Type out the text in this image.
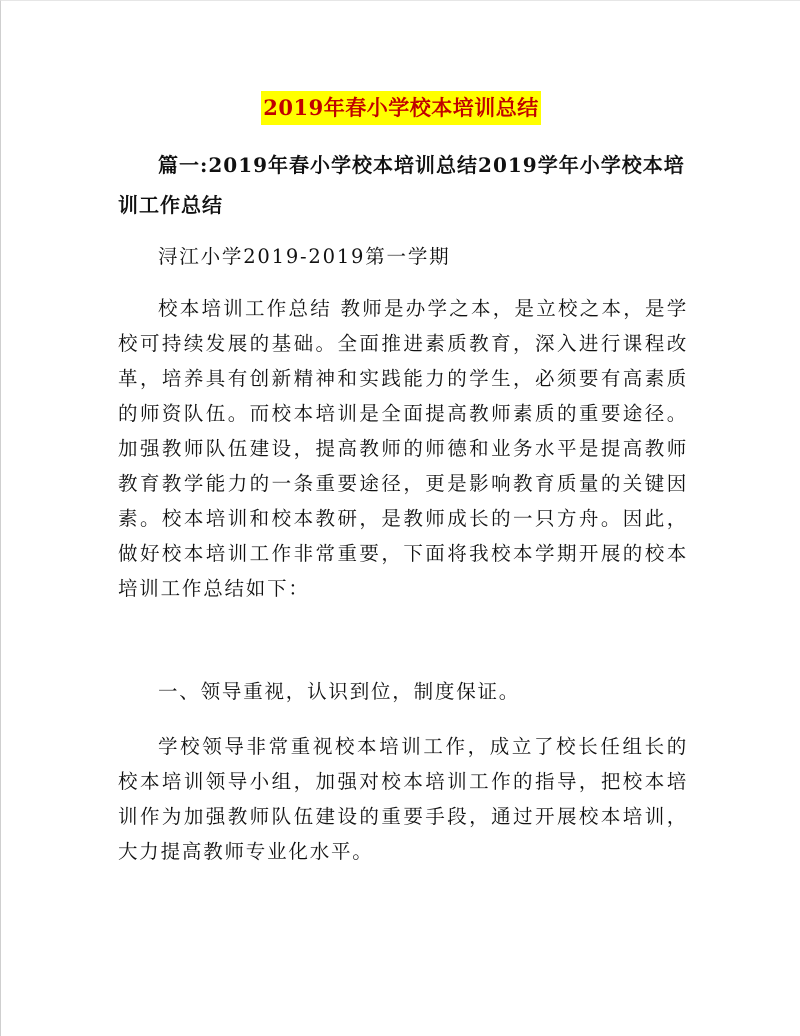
2019年春小学校本培训总结

篇一:2019年春小学校本培训总结2019学年小学校本培训工作总结

浔江小学2019-2019第一学期

校本培训工作总结 教师是办学之本，是立校之本，是学校可持续发展的基础。全面推进素质教育，深入进行课程改革，培养具有创新精神和实践能力的学生，必须要有高素质的师资队伍。而校本培训是全面提高教师素质的重要途径。加强教师队伍建设，提高教师的师德和业务水平是提高教师教育教学能力的一条重要途径，更是影响教育质量的关键因素。校本培训和校本教研，是教师成长的一只方舟。因此，做好校本培训工作非常重要，下面将我校本学期开展的校本培训工作总结如下：

一、领导重视，认识到位，制度保证。

学校领导非常重视校本培训工作，成立了校长任组长的校本培训领导小组，加强对校本培训工作的指导，把校本培训作为加强教师队伍建设的重要手段，通过开展校本培训，大力提高教师专业化水平。
